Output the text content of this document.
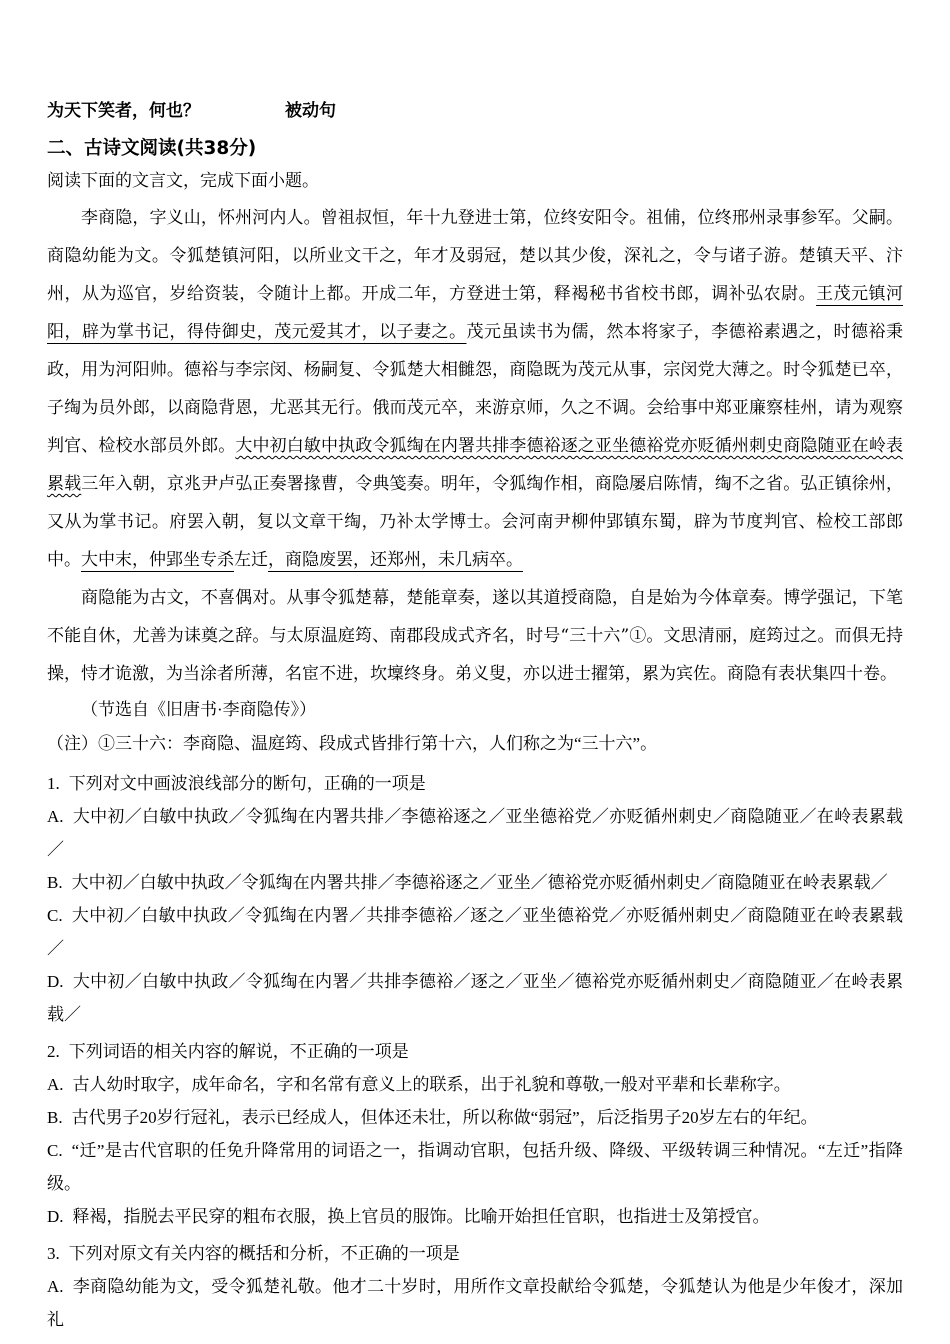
为天下笑者，何也？	被动句

二、古诗文阅读(共38分)

阅读下面的文言文，完成下面小题。

李商隐，字义山，怀州河内人。曾祖叔恒，年十九登进士第，位终安阳令。祖俌，位终邢州录事参军。父嗣。商隐幼能为文。令狐楚镇河阳，以所业文干之，年才及弱冠，楚以其少俊，深礼之，令与诸子游。楚镇天平、汴州，从为巡官，岁给资装，令随计上都。开成二年，方登进士第，释褐秘书省校书郎，调补弘农尉。王茂元镇河阳，辟为掌书记，得侍御史，茂元爱其才，以子妻之。茂元虽读书为儒，然本将家子，李德裕素遇之，时德裕秉政，用为河阳帅。德裕与李宗闵、杨嗣复、令狐楚大相雠怨，商隐既为茂元从事，宗闵党大薄之。时令狐楚已卒，子绹为员外郎，以商隐背恩，尤恶其无行。俄而茂元卒，来游京师，久之不调。会给事中郑亚廉察桂州，请为观察判官、检校水部员外郎。大中初白敏中执政令狐绹在内署共排李德裕逐之亚坐德裕党亦贬循州刺史商隐随亚在岭表累载三年入朝，京兆尹卢弘正奏署掾曹，令典笺奏。明年，令狐绹作相，商隐屡启陈情，绹不之省。弘正镇徐州，又从为掌书记。府罢入朝，复以文章干绹，乃补太学博士。会河南尹柳仲郢镇东蜀，辟为节度判官、检校工部郎中。大中末，仲郢坐专杀左迁，商隐废罢，还郑州，未几病卒。

商隐能为古文，不喜偶对。从事令狐楚幕，楚能章奏，遂以其道授商隐，自是始为今体章奏。博学强记，下笔不能自休，尤善为诔奠之辞。与太原温庭筠、南郡段成式齐名，时号“三十六”①。文思清丽，庭筠过之。而俱无持操，恃才诡激，为当涂者所薄，名宦不进，坎壈终身。弟义叟，亦以进士擢第，累为宾佐。商隐有表状集四十卷。

（节选自《旧唐书·李商隐传》）

（注）①三十六：李商隐、温庭筠、段成式皆排行第十六，人们称之为“三十六”。

1. 下列对文中画波浪线部分的断句，正确的一项是

A. 大中初／白敏中执政／令狐绹在内署共排／李德裕逐之／亚坐德裕党／亦贬循州刺史／商隐随亚／在岭表累载／

B. 大中初／白敏中执政／令狐绹在内署共排／李德裕逐之／亚坐／德裕党亦贬循州刺史／商隐随亚在岭表累载／

C. 大中初／白敏中执政／令狐绹在内署／共排李德裕／逐之／亚坐德裕党／亦贬循州刺史／商隐随亚在岭表累载／

D. 大中初／白敏中执政／令狐绹在内署／共排李德裕／逐之／亚坐／德裕党亦贬循州刺史／商隐随亚／在岭表累载／

2. 下列词语的相关内容的解说，不正确的一项是

A. 古人幼时取字，成年命名，字和名常有意义上的联系，出于礼貌和尊敬,一般对平辈和长辈称字。

B. 古代男子20岁行冠礼，表示已经成人，但体还未壮，所以称做“弱冠”，后泛指男子20岁左右的年纪。

C. “迁”是古代官职的任免升降常用的词语之一，指调动官职，包括升级、降级、平级转调三种情况。“左迁”指降级。

D. 释褐，指脱去平民穿的粗布衣服，换上官员的服饰。比喻开始担任官职，也指进士及第授官。

3. 下列对原文有关内容的概括和分析，不正确的一项是

A. 李商隐幼能为文，受令狐楚礼敬。他才二十岁时，用所作文章投献给令狐楚，令狐楚认为他是少年俊才，深加礼
